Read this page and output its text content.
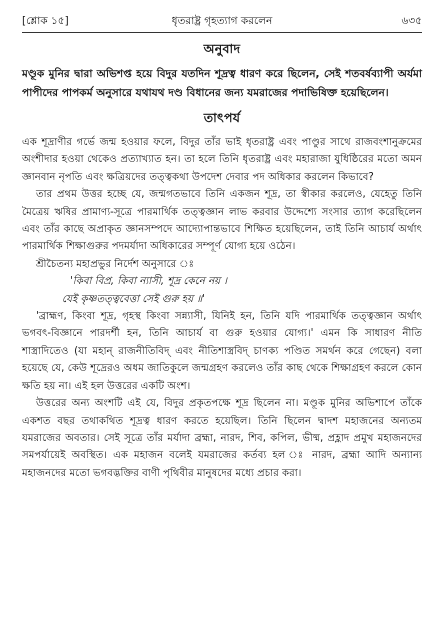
[শ্লোক ১৫]	ধৃতরাষ্ট্র গৃহত্যাগ করলেন	৬৩৫
অনুবাদ

মণ্ডূক মুনির দ্বারা অভিশপ্ত হয়ে বিদুর যতদিন শূদ্রত্ব ধারণ করে ছিলেন, সেই শতবর্ষব্যাপী অর্যমা পাপীদের পাপকর্ম অনুসারে যথাযথ দণ্ড বিধানের জন্য যমরাজের পদাভিষিক্ত হয়েছিলেন।

তাৎপর্য

এক শূদ্রাণীর গর্ভে জন্ম হওয়ার ফলে, বিদুর তাঁর ভাই ধৃতরাষ্ট্র এবং পাণ্ডুর সাথে রাজবংশানুক্রমের অংশীদার হওয়া থেকেও প্রত্যাখ্যাত হন। তা হলে তিনি ধৃতরাষ্ট্র এবং মহারাজা যুধিষ্ঠিরের মতো অমন জ্ঞানবান নৃপতি এবং ক্ষত্রিয়দের তত্ত্বকথা উপদেশ দেবার পদ অধিকার করলেন কিভাবে?

তার প্রথম উত্তর হচ্ছে যে, জন্মগতভাবে তিনি একজন শূদ্র, তা স্বীকার করলেও, যেহেতু তিনি মৈত্রেয় ঋষির প্রামাণ্য-সূত্রে পারমার্থিক তত্ত্বজ্ঞান লাভ করবার উদ্দেশ্যে সংসার ত্যাগ করেছিলেন এবং তাঁর কাছে অপ্রাকৃত জ্ঞানসম্পদে আদ্যোপান্তভাবে শিক্ষিত হয়েছিলেন, তাই তিনি আচার্য অর্থাৎ পারমার্থিক শিক্ষাগুরুর পদমর্যাদা অধিকারের সম্পূর্ণ যোগ্য হয়ে ওঠেন।

শ্রীচৈতন্য মহাপ্রভুর নির্দেশ অনুসারে ঃ

'কিবা বিপ্র, কিবা ন্যাসী, শূদ্র কেনে নয় ।

যেই কৃষ্ণতত্ত্ববেত্তা সেই গুরু হয় ॥'

'ব্রাহ্মণ, কিংবা শূদ্র, গৃহস্থ কিংবা সন্ন্যাসী, যিনিই হন, তিনি যদি পারমার্থিক তত্ত্বজ্ঞান অর্থাৎ ভগবৎ-বিজ্ঞানে পারদর্শী হন, তিনি আচার্য বা গুরু হওয়ার যোগ্য।' এমন কি সাধারণ নীতি শাস্ত্রাদিতেও (যা মহান্ রাজনীতিবিদ্ এবং নীতিশাস্ত্রবিদ্ চাণক্য পণ্ডিত সমর্থন করে গেছেন) বলা হয়েছে যে, কেউ শূদ্রেরও অধম জাতিকুলে জন্মগ্রহণ করলেও তাঁর কাছ থেকে শিক্ষাগ্রহণ করলে কোন ক্ষতি হয় না। এই হল উত্তরের একটি অংশ।

উত্তরের অন্য অংশটি এই যে, বিদুর প্রকৃতপক্ষে শূদ্র ছিলেন না। মণ্ডূক মুনির অভিশাপে তাঁকে একশত বছর তথাকথিত শূদ্রত্ব ধারণ করতে হয়েছিল। তিনি ছিলেন দ্বাদশ মহাজনের অন্যতম যমরাজের অবতার। সেই সূত্রে তাঁর মর্যাদা ব্রহ্মা, নারদ, শিব, কপিল, ভীষ্ম, প্রহ্লাদ প্রমুখ মহাজনদের সমপর্যায়েই অবস্থিত। এক মহাজন বলেই যমরাজের কর্তব্য হল ঃ নারদ, ব্রহ্মা আদি অন্যান্য মহাজনদের মতো ভগবদ্ভক্তির বাণী পৃথিবীর মানুষদের মধ্যে প্রচার করা।
